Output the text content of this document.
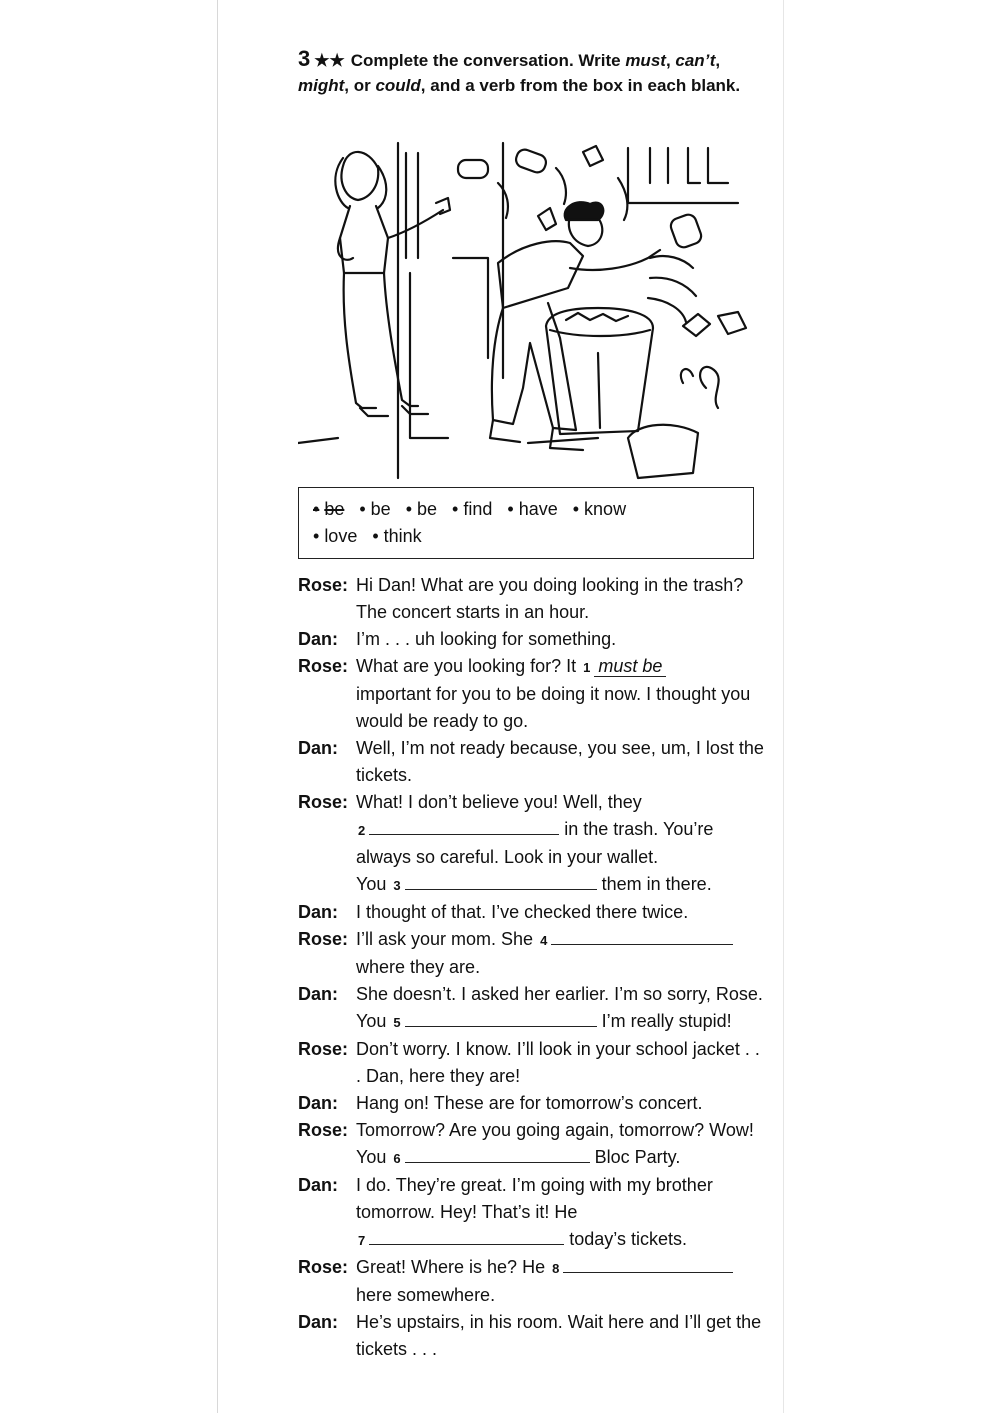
3 ★★ Complete the conversation. Write must, can’t, might, or could, and a verb from the box in each blank.
• be • be • be • find • have • know
• love • think
Rose: Hi Dan! What are you doing looking in the trash? The concert starts in an hour.
Dan:	I’m . . . uh looking for something.
Rose: What are you looking for? It 1 must be
important for you to be doing it now. I thought you would be ready to go.
Dan:	Well, I’m not ready because, you see, um, I lost the tickets.
Rose: What! I don’t believe you! Well, they
2	in the trash. You’re always so careful. Look in your wallet.
You 3	them in there.
Dan:	I thought of that. I’ve checked there twice.
Rose: I’ll ask your mom. She 4
where they are.
Dan:	She doesn’t. I asked her earlier. I’m so sorry, Rose. You 5	I’m really stupid!
Rose: Don’t worry. I know. I’ll look in your school jacket . . . Dan, here they are!
Dan:	Hang on! These are for tomorrow’s concert.
Rose: Tomorrow? Are you going again, tomorrow? Wow! You 6	Bloc Party.
Dan:	I do. They’re great. I’m going with my brother tomorrow. Hey! That’s it! He
7	today’s tickets.
Rose: Great! Where is he? He 8
here somewhere.
Dan:	He’s upstairs, in his room. Wait here and I’ll get the tickets . . .
